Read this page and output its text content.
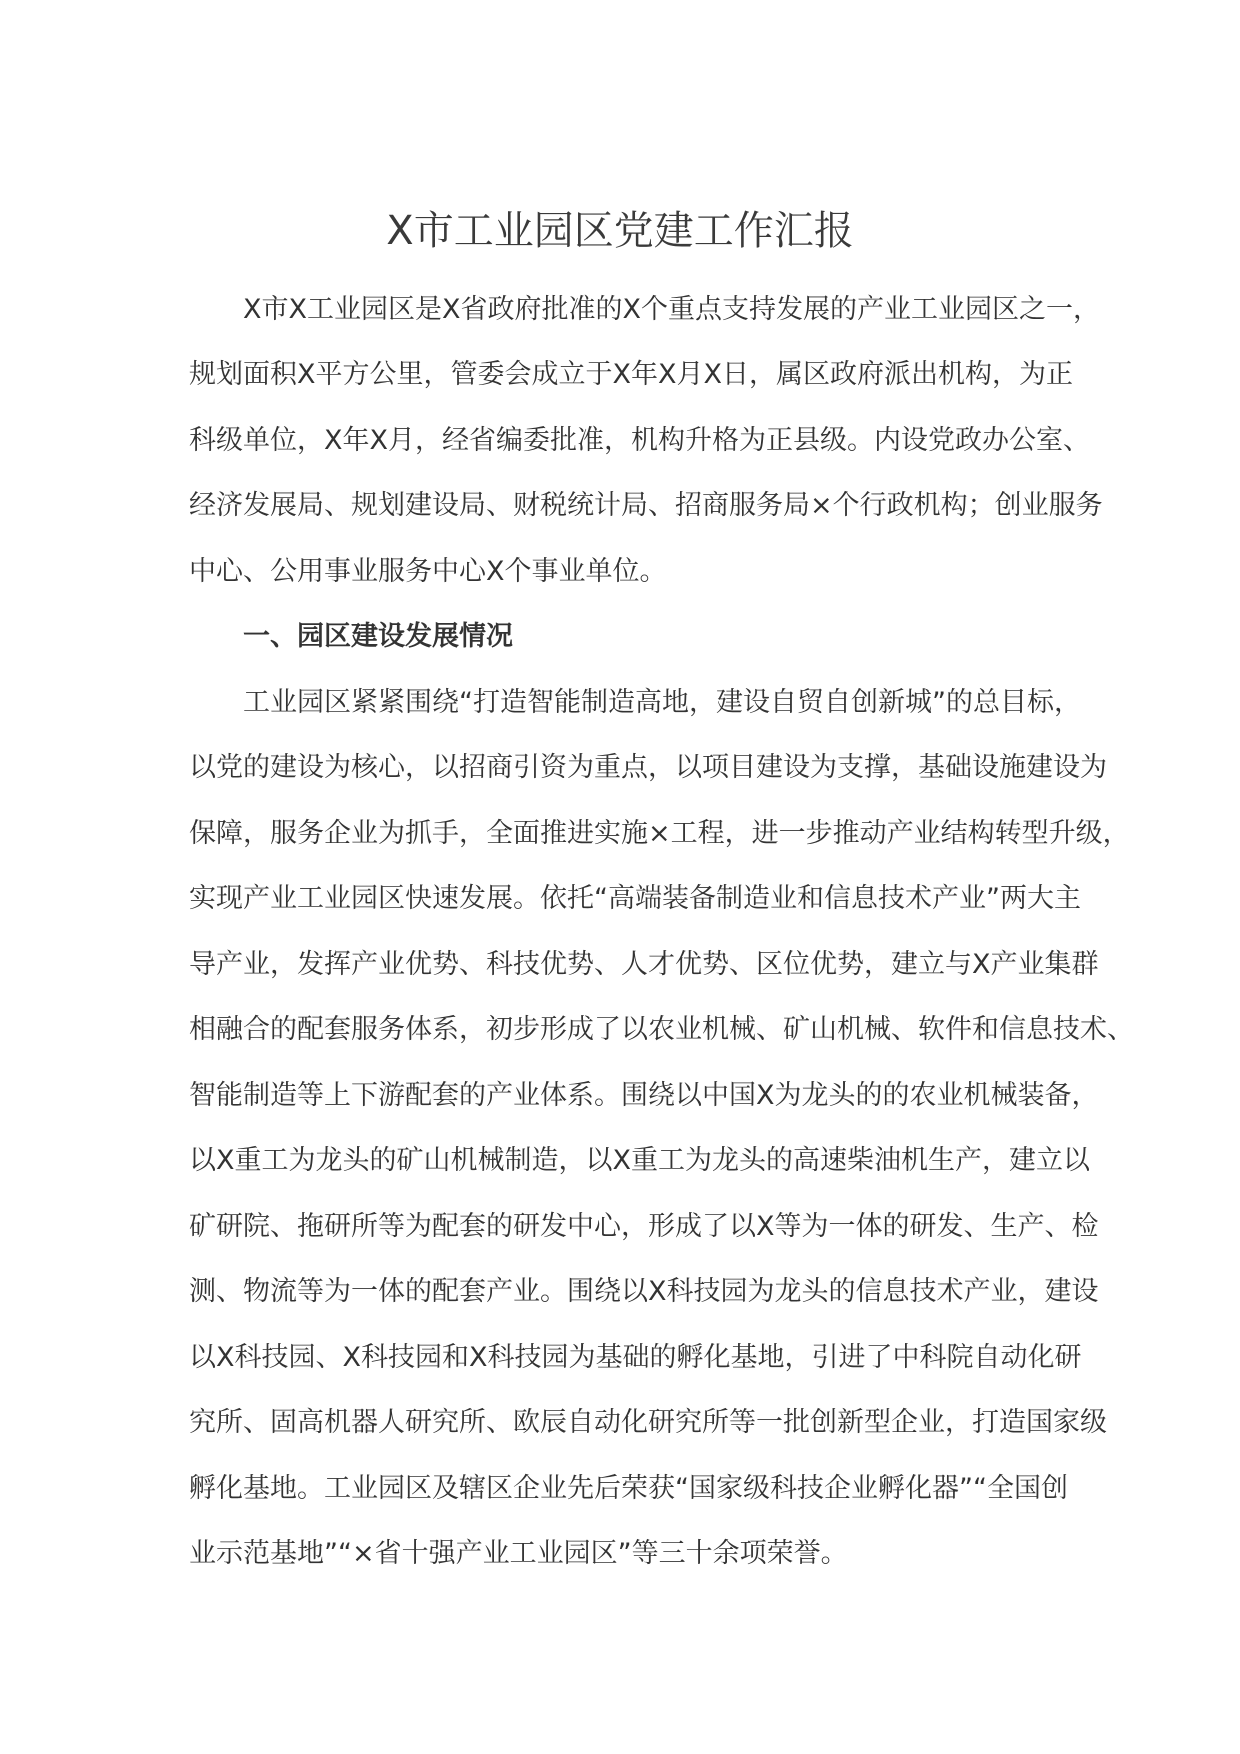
X市工业园区党建工作汇报
X市X工业园区是X省政府批准的X个重点支持发展的产业工业园区之一，
规划面积X平方公里，管委会成立于X年X月X日，属区政府派出机构，为正
科级单位，X年X月，经省编委批准，机构升格为正县级。内设党政办公室、
经济发展局、规划建设局、财税统计局、招商服务局×个行政机构；创业服务
中心、公用事业服务中心X个事业单位。
一、园区建设发展情况
工业园区紧紧围绕“打造智能制造高地，建设自贸自创新城”的总目标，
以党的建设为核心，以招商引资为重点，以项目建设为支撑，基础设施建设为
保障，服务企业为抓手，全面推进实施×工程，进一步推动产业结构转型升级，
实现产业工业园区快速发展。依托“高端装备制造业和信息技术产业”两大主
导产业，发挥产业优势、科技优势、人才优势、区位优势，建立与X产业集群
相融合的配套服务体系，初步形成了以农业机械、矿山机械、软件和信息技术、
智能制造等上下游配套的产业体系。围绕以中国X为龙头的的农业机械装备，
以X重工为龙头的矿山机械制造，以X重工为龙头的高速柴油机生产，建立以
矿研院、拖研所等为配套的研发中心，形成了以X等为一体的研发、生产、检
测、物流等为一体的配套产业。围绕以X科技园为龙头的信息技术产业，建设
以X科技园、X科技园和X科技园为基础的孵化基地，引进了中科院自动化研
究所、固高机器人研究所、欧辰自动化研究所等一批创新型企业，打造国家级
孵化基地。工业园区及辖区企业先后荣获“国家级科技企业孵化器”“全国创
业示范基地”“×省十强产业工业园区”等三十余项荣誉。
